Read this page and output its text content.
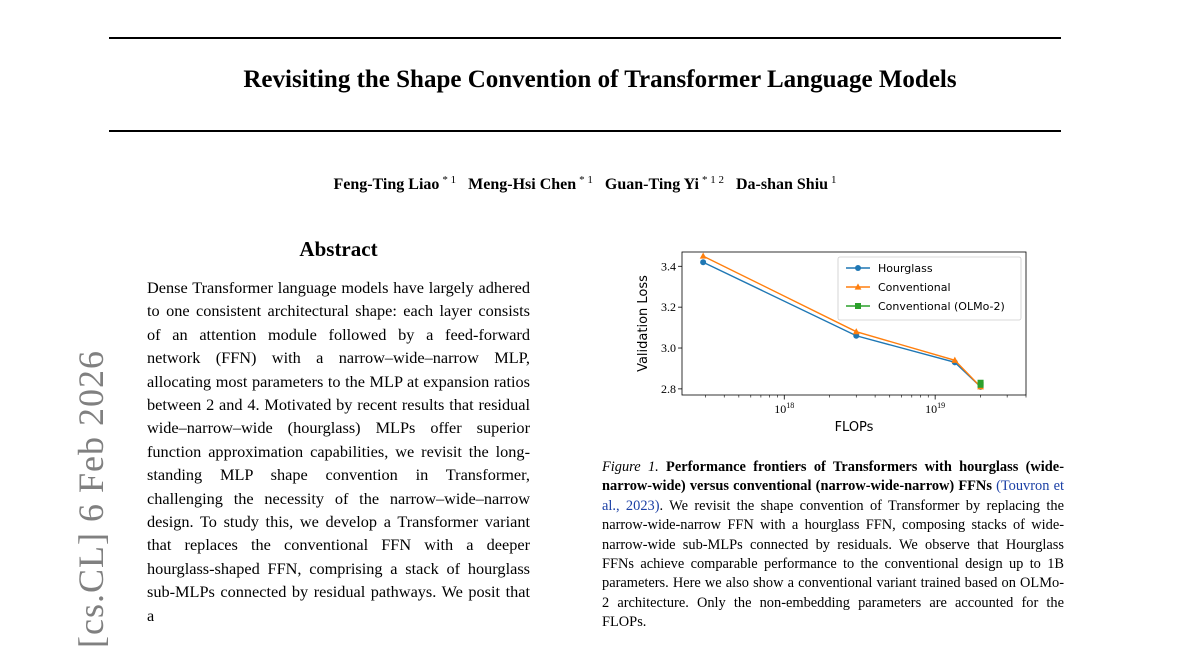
Revisiting the Shape Convention of Transformer Language Models
Feng-Ting Liao $^{* 1}$ Meng-Hsi Chen $^{* 1}$ Guan-Ting Yi $^{* 1 2}$ Da-shan Shiu $^1$
[cs.CL] 6 Feb 2026
Abstract
Dense Transformer language models have largely adhered to one consistent architectural shape: each layer consists of an attention module followed by a feed-forward network (FFN) with a narrow–wide–narrow MLP, allocating most parameters to the MLP at expansion ratios between 2 and 4. Motivated by recent results that residual wide–narrow–wide (hourglass) MLPs offer superior function approximation capabilities, we revisit the long-standing MLP shape convention in Transformer, challenging the necessity of the narrow–wide–narrow design. To study this, we develop a Transformer variant that replaces the conventional FFN with a deeper hourglass-shaped FFN, comprising a stack of hourglass sub-MLPs connected by residual pathways. We posit that a
2.8
3.0
3.2
3.4
$10^{18}$	$10^{19}$
FLOPs
Validation Loss
Hourglass
Conventional
Conventional (OLMo-2)
Figure 1. Performance frontiers of Transformers with hourglass (wide-narrow-wide) versus conventional (narrow-wide-narrow) FFNs (Touvron et al., 2023). We revisit the shape convention of Transformer by replacing the narrow-wide-narrow FFN with a hourglass FFN, composing stacks of wide-narrow-wide sub-MLPs connected by residuals. We observe that Hourglass FFNs achieve comparable performance to the conventional design up to 1B parameters. Here we also show a conventional variant trained based on OLMo-2 architecture. Only the non-embedding parameters are accounted for the FLOPs.
